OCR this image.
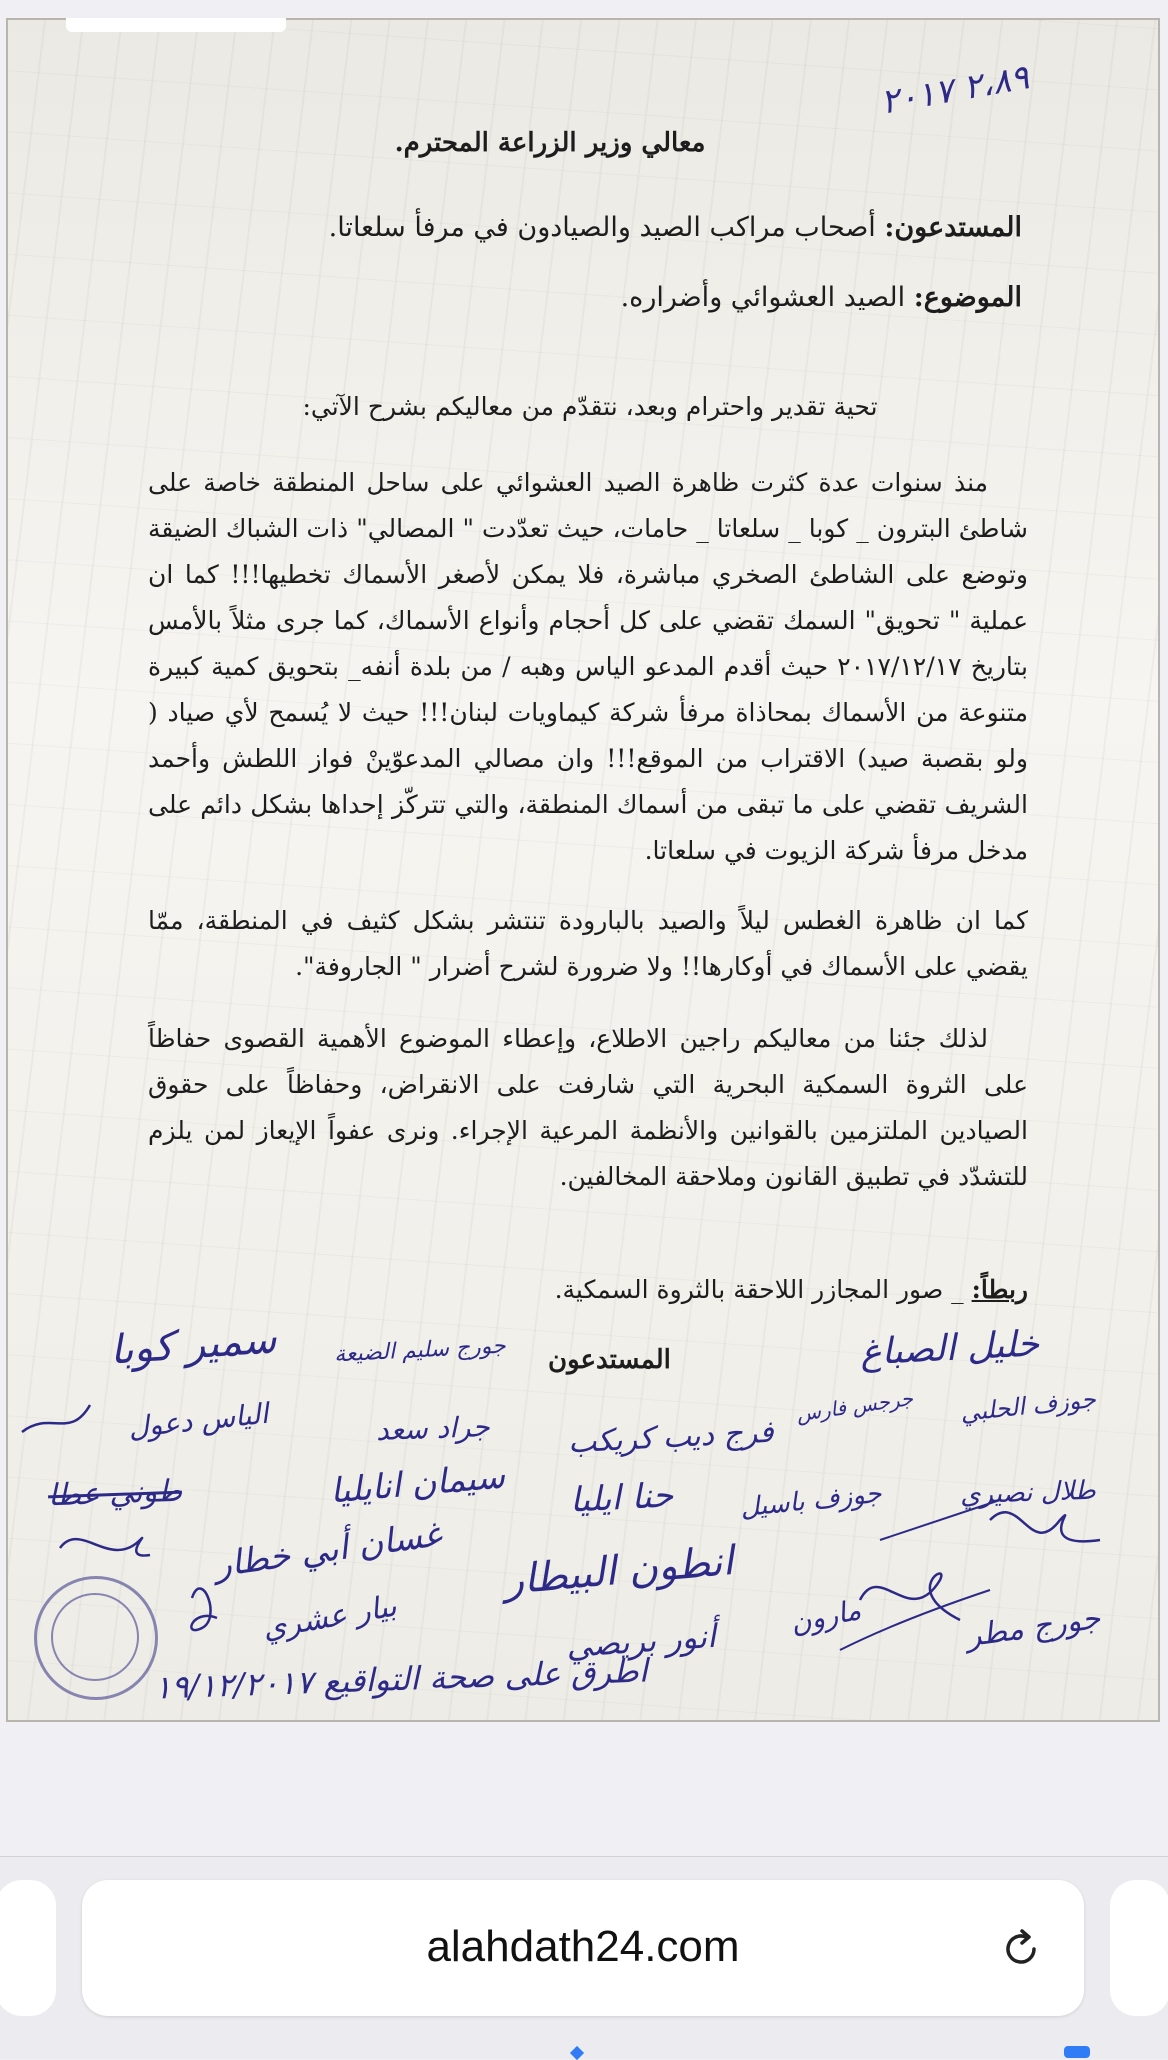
٢،٨٩ ٢٠١٧
معالي وزير الزراعة المحترم.
المستدعون: أصحاب مراكب الصيد والصيادون في مرفأ سلعاتا.
الموضوع: الصيد العشوائي وأضراره.
تحية تقدير واحترام وبعد، نتقدّم من معاليكم بشرح الآتي:
منذ سنوات عدة كثرت ظاهرة الصيد العشوائي على ساحل المنطقة خاصة على شاطئ البترون _ كوبا _ سلعاتا _ حامات، حيث تعدّدت " المصالي" ذات الشباك الضيقة وتوضع على الشاطئ الصخري مباشرة، فلا يمكن لأصغر الأسماك تخطيها!!! كما ان عملية " تحويق" السمك تقضي على كل أحجام وأنواع الأسماك، كما جرى مثلاً بالأمس بتاريخ ٢٠١٧/١٢/١٧ حيث أقدم المدعو الياس وهبه / من بلدة أنفه_ بتحويق كمية كبيرة متنوعة من الأسماك بمحاذاة مرفأ شركة كيماويات لبنان!!! حيث لا يُسمح لأي صياد ( ولو بقصبة صيد) الاقتراب من الموقع!!! وان مصالي المدعوّينْ فواز اللطش وأحمد الشريف تقضي على ما تبقى من أسماك المنطقة، والتي تتركّز إحداها بشكل دائم على مدخل مرفأ شركة الزيوت في سلعاتا.
كما ان ظاهرة الغطس ليلاً والصيد بالبارودة تنتشر بشكل كثيف في المنطقة، ممّا يقضي على الأسماك في أوكارها!! ولا ضرورة لشرح أضرار " الجاروفة".
لذلك جئنا من معاليكم راجين الاطلاع، وإعطاء الموضوع الأهمية القصوى حفاظاً على الثروة السمكية البحرية التي شارفت على الانقراض، وحفاظاً على حقوق الصيادين الملتزمين بالقوانين والأنظمة المرعية الإجراء. ونرى عفواً الإيعاز لمن يلزم للتشدّد في تطبيق القانون وملاحقة المخالفين.
ربطاً: _ صور المجازر اللاحقة بالثروة السمكية.
المستدعون
سمير كوبا	جورج سليم الضيعة	خليل الصباغ
جوزف الحلبي
جرجس فارس
فرج ديب كريكب
جراد سعد
الياس دعول
طوني عطا	سيمان انايليا حنا ايليا جوزف باسيل	طلال نصيري
غسان أبي خطار انطون البيطار
بيار عشري	أنور بريصي
مارون	جورج مطر
اطرق على صحة التواقيع ١٩/١٢/٢٠١٧
alahdath24.com
